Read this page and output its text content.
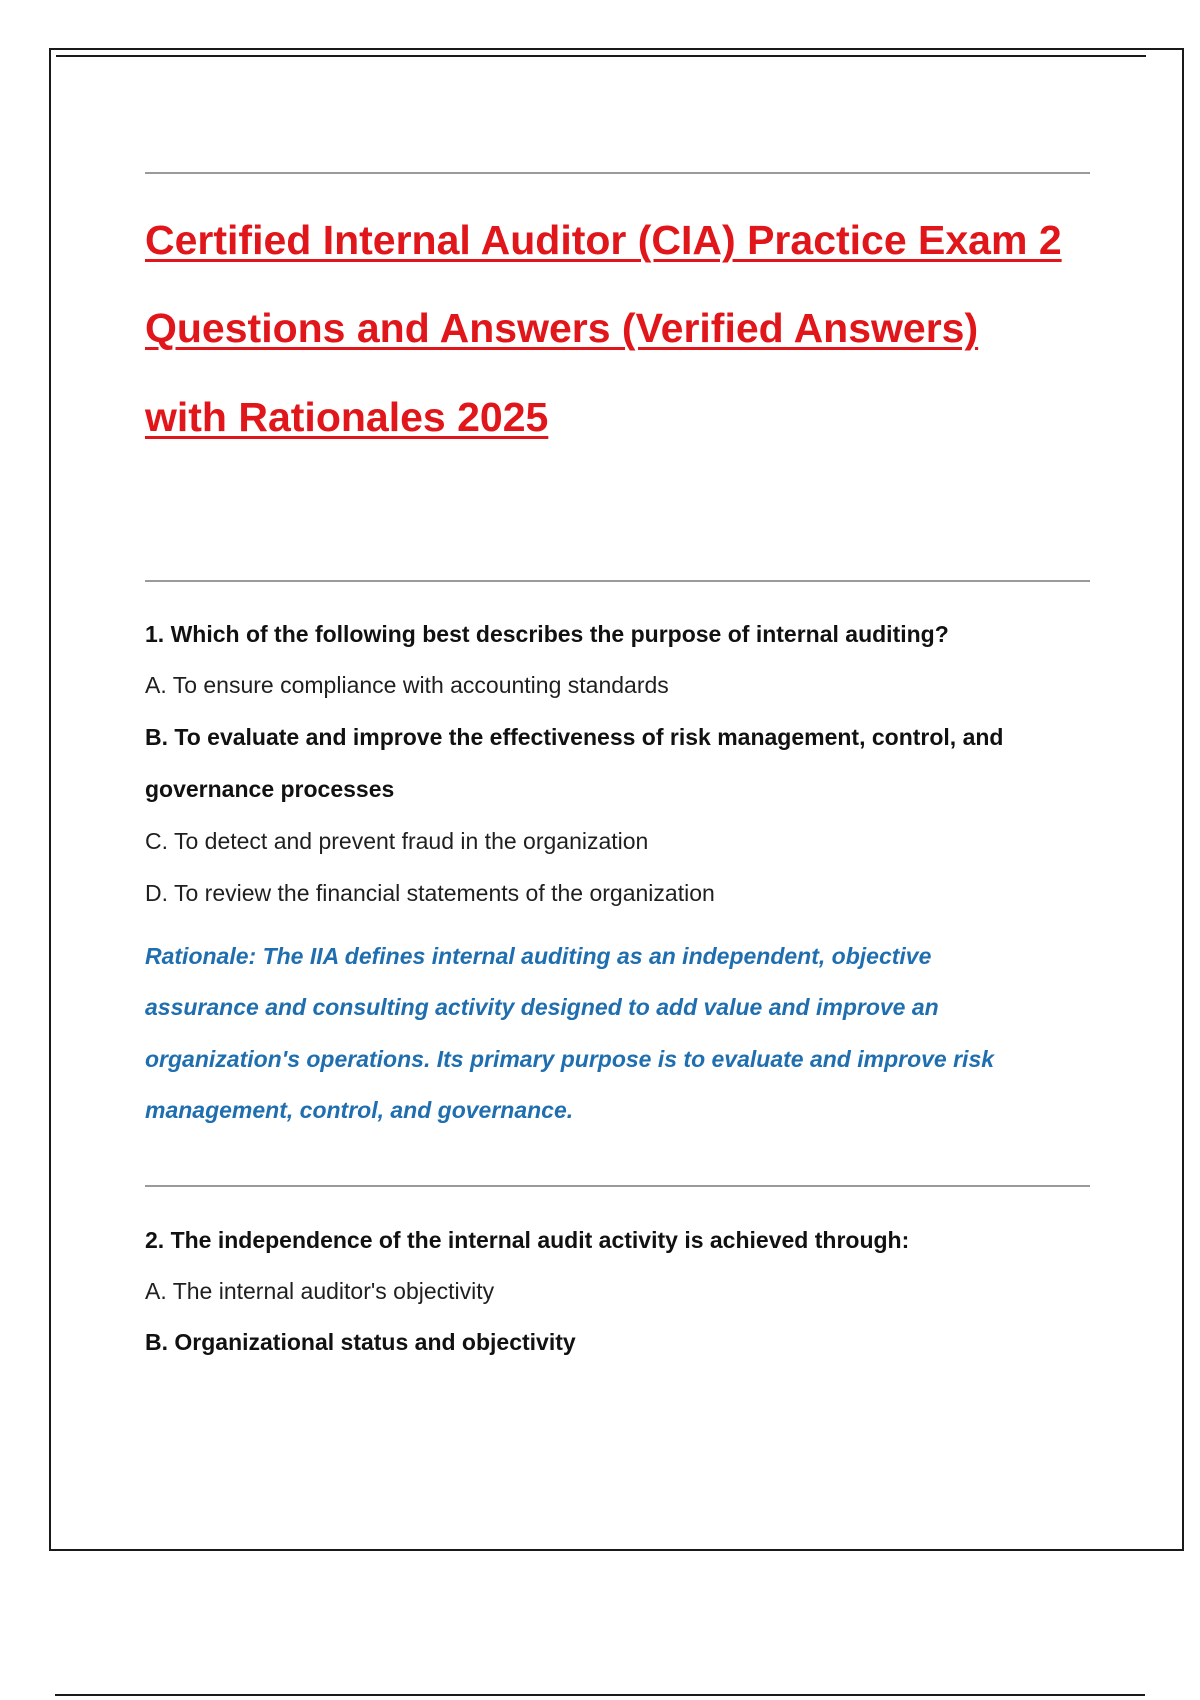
Certified Internal Auditor (CIA) Practice Exam 2
Questions and Answers (Verified Answers)
with Rationales 2025

1. Which of the following best describes the purpose of internal auditing?

A. To ensure compliance with accounting standards

B. To evaluate and improve the effectiveness of risk management, control, and

governance processes

C. To detect and prevent fraud in the organization

D. To review the financial statements of the organization

Rationale: The IIA defines internal auditing as an independent, objective

assurance and consulting activity designed to add value and improve an

organization's operations. Its primary purpose is to evaluate and improve risk

management, control, and governance.

2. The independence of the internal audit activity is achieved through:

A. The internal auditor's objectivity

B. Organizational status and objectivity
